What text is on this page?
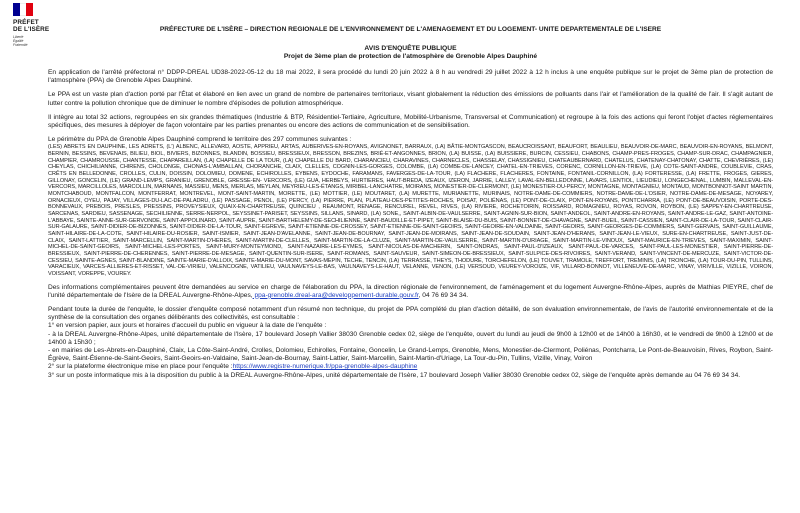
PRÉFET
DE L'ISÈRE
Liberté
Égalité
Fraternité
PRÉFECTURE DE L'ISÈRE – DIRECTION REGIONALE DE L'ENVIRONNEMENT DE L'AMENAGEMENT ET DU LOGEMENT- UNITE DEPARTEMENTALE DE L'ISERE
AVIS D'ENQUÊTE PUBLIQUE
Projet de 3ème plan de protection de l'atmosphère de Grenoble Alpes Dauphiné
En application de l'arrêté préfectoral n° DDPP-DREAL UD38-2022-05-12 du 18 mai 2022, il sera procédé du lundi 20 juin 2022 à 8 h au vendredi 29 juillet 2022 à 12 h inclus à une enquête publique sur le projet de 3ème plan de protection de l'atmosphère (PPA) de Grenoble Alpes Dauphiné.
Le PPA est un vaste plan d'action porté par l'État et élaboré en lien avec un grand de nombre de partenaires territoriaux, visant globalement la réduction des émissions de polluants dans l'air et l'amélioration de la qualité de l'air. Il s'agit autant de lutter contre la pollution chronique que de diminuer le nombre d'épisodes de pollution atmosphérique.
Il intègre au total 32 actions, regroupées en six grandes thématiques (Industrie & BTP, Résidentiel-Tertiaire, Agriculture, Mobilité-Urbanisme, Transversal et Communication) et regroupe à la fois des actions qui feront l'objet d'actes réglementaires spécifiques, des mesures à déployer de façon volontaire par les parties prenantes ou encore des actions de communication et de sensibilisation.
Le périmètre du PPA de Grenoble Alpes Dauphiné comprend le territoire des 297 communes suivantes :
(LES) ABRETS EN DAUPHINE, LES ADRETS, (L') ALBENC, ALLEVARD, AOSTE, APPRIEU, ARTAS, AUBERIVES-EN-ROYANS, AVIGNONET, BARRAUX, (LA) BÂTIE-MONTGASCON, BEAUCROISSANT, BEAUFORT, BEAULIEU, BEAUVOIR-DE-MARC, BEAUVOIR-EN-ROYANS, BELMONT, BERNIN, BESSINS, BEVENAIS, BILIEU, BIOL, BIVIERS, BIZONNES, BLANDIN, BOSSIEU, BRESSIEUX, BRESSON, BREZINS, BRIÉ-ET-ANGONNES, BRION, (LA) BUISSE, (LA) BUISSIERE, BURCIN, CESSIEU, CHABONS, CHAMP-PRES-FROGES, CHAMP-SUR-DRAC, CHAMPAGNIER, CHAMPIER, CHAMROUSSE, CHANTESSE, CHAPAREILLAN, (LA) CHAPELLE DE LA TOUR, (LA) CHAPELLE DU BARD, CHARANCIEU, CHARAVINES, CHARNECLES, CHASSELAY, CHASSIGNIEU, CHATEAUBERNARD, CHATELUS, CHATENAY-CHATONAY, CHATTE, CHEVRIÈRES, (LE) CHEYLAS, CHICHILIANNE, CHIRENS, CHOLONGE, CHONAS-L'AMBALLAN, CHORANCHE, CLAIX, CLELLES, COGNIN-LES-GORGES, COLOMBE, (LA) COMBE-DE-LANCEY, CHATEL-EN-TRIEVES, CORENC, CORNILLON-EN-TRIEVE, (LA) COTE-SAINT-ANDRE, COUBLEVIE, CRAS, CRÊTS EN BELLEDONNE, CROLLES, CULIN, DOISSIN, DOLOMIEU, DOMENE, ECHIROLLES, EYBENS, EYDOCHE, FARAMANS, FAVERGES-DE-LA-TOUR, (LA) FLACHERE, FLACHERES, FONTAINE, FONTANIL-CORNILLON, (LA) FORTERESSE, (LA) FRETTE, FROGES, GIERES, GILLONAY, GONCELIN, (LE) GRAND-LEMPS, GRANIEU, GRENOBLE, GRESSE-EN- VERCORS, (LE) GUA, HERBEYS, HURTIERES, HAUT-BREDA, IZEAUX, IZERON, JARRIE, LALLEY, LAVAL-EN-BELLEDONNE, LAVARS, LENTIOL, LIEUDIEU, LONGECHENAL, LUMBIN, MALLEVAL-EN-VERCORS, MARCILLOLES, MARCOLLIN, MARNANS, MASSIEU, MENS, MERLAS, MEYLAN, MEYRIEU-LES-ÉTANGS, MIRIBEL-LANCHATRE, MOIRANS, MONESTIER-DE-CLERMONT, (LE) MONESTIER-DU-PERCY, MONTAGNE, MONTAGNIEU, MONTAUD, MONTBONNOT-SAINT MARTIN, MONTCHABOUD, MONTFALCON, MONTFERRAT, MONTREVEL, MONT-SAINT-MARTIN, MORETTE, (LE) MOTTIER, (LE) MOUTARET, (LA) MURETTE, MURIANETTE, MURINAIS, NOTRE-DAME-DE-COMMIERS, NOTRE-DAME-DE-L'OSIER, NOTRE-DAME-DE-MESAGE, NOYAREY, ORNACIEUX, OYEU, PAJAY, VILLAGES-DU-LAC-DE-PALADRU, (LE) PASSAGE, PENOL, (LE) PERCY, (LA) PIERRE, PLAN, PLATEAU-DES-PETITES-ROCHES, POISAT, POLIÉNAS, (LE) PONT-DE-CLAIX, PONT-EN-ROYANS, PONTCHARRA, (LE) PONT-DE-BEAUVOISIN, PORTE-DES-BONNEVAUX, PREBOIS, PRESLES, PRESSINS, PROVEYSIEUX, QUAIX-EN-CHARTREUSE, QUINCIEU , REAUMONT, RENAGE, RENCUREL, REVEL, RIVES, (LA) RIVIERE, ROCHETOIRIN, ROISSARD, ROMAGNIEU, ROYAS, ROVON, ROYBON, (LE) SAPPEY-EN-CHARTREUSE, SARCENAS, SARDIEU, SASSENAGE, SECHILIENNE, SERRE-NERPOL, SEYSSINET-PARISET, SEYSSINS, SILLANS, SINARD, (LA) SONE,, SAINT-ALBIN-DE-VAULSERRE, SAINT-AGNIN-SUR-BION, SAINT-ANDEOL, SAINT-ANDRE-EN-ROYANS, SAINT-ANDRE-LE-GAZ, SAINT-ANTOINE-L'ABBAYE, SAINTE-ANNE-SUR-GERVONDE, SAINT-APPOLINARD, SAINT-AUPRE, SAINT-BARTHELEMY-DE-SECHILIENNE, SAINT-BAUDILLE-ET-PIPET, SAINT-BLAISE-DU-BUIS, SAINT-BONNET-DE-CHAVAGNE, SAINT-BUEIL, SAINT-CASSIEN, SAINT-CLAIR-DE-LA-TOUR, SAINT-CLAIR-SUR-GALAURE, SAINT-DIDIER-DE-BIZONNES, SAINT-DIDIER-DE-LA-TOUR, SAINT-EGREVE, SAINT-ETIENNE-DE-CROSSEY, SAINT-ETIENNE-DE-SAINT-GEOIRS, SAINT-GEOIRE-EN-VALDAINE, SAINT-GEOIRS, SAINT-GEORGES-DE-COMMIERS, SAINT-GERVAIS, SAINT-GUILLAUME, SAINT-HILAIRE-DE-LA-COTE, SAINT-HILAIRE-DU-ROSIER, SAINT-ISMIER, SAINT-JEAN-D'AVELANNE, SAINT-JEAN-DE-BOURNAY, SAINT-JEAN-DE-MOIRANS, SAINT-JEAN-DE-SOUDAIN, SAINT-JEAN-D'HERANS, SAINT-JEAN-LE-VIEUX, SURE-EN-CHARTREUSE, SAINT-JUST-DE-CLAIX, SAINT-LATTIER, SAINT-MARCELLIN, SAINT-MARTIN-D'HERES, SAINT-MARTIN-DE-CLELLES, SAINT-MARTIN-DE-LA-CLUZE, SAINT-MARTIN-DE-VAULSERRE, SAINT-MARTIN-D'URIAGE, SAINT-MARTIN-LE-VINOUX, SAINT-MAURICE-EN-TRIEVES, SAINT-MAXIMIN, SAINT-MICHEL-DE-SAINT-GEOIRS, SAINT-MICHEL-LES-PORTES, SAINT-MURY-MONTEYMOND, SAINT-NAZAIRE-LES-EYMES, SAINT-NICOLAS-DE-MACHERIN, SAINT-ONDRAS, SAINT-PAUL-D'IZEAUX, SAINT-PAUL-DE-VARCES, SAINT-PAUL-LES-MONESTIER, SAINT-PIERRE-DE-BRESSIEUX, SAINT-PIERRE-DE-CHERENNES, SAINT-PIERRE-DE-MESAGE, SAINT-QUENTIN-SUR-ISERE, SAINT-ROMANS, SAINT-SAUVEUR, SAINT-SIMEON-DE-BRESSIEUX, SAINT-SULPICE-DES-RIVOIRES, SAINT-VERAND, SAINT-VINCENT-DE-MERCUZE, SAINT-VICTOR-DE-CESSIEU, SAINTE-AGNES, SAINT-BLANDINE, SAINTE-MARIE-D'ALLOIX, SAINTE-MARIE-DU-MONT, SAVAS-MEPIN, TECHE, TENCIN, (LA) TERRASSE, THEYS, THODURE, TORCHEFELON, (LE) TOUVET, TRAMOLE, TREFFORT, TREMINIS, (LA) TRONCHE, (LA) TOUR-DU-PIN, TULLINS, VARACIEUX, VARCES-ALLIERES-ET-RISSET, VAL-DE-VIRIEU, VALENCOGNE, VATILIEU, VAULNAVEYS-LE-BAS, VAULNAVEYS-LE-HAUT, VELANNE, VENON, (LE) VERSOUD, VEUREY-VOROIZE, VIF, VILLARD-BONNOT, VILLENEUVE-DE-MARC, VINAY, VIRIVILLE, VIZILLE, VOIRON, VOISSANT, VOREPPE, VOUREY.
Des informations complémentaires peuvent être demandées au service en charge de l'élaboration du PPA, la direction régionale de l'environnement, de l'aménagement et du logement Auvergne-Rhône-Alpes, auprès de Mathias PIEYRE, chef de l'unité départementale de l'Isère de la DREAL Auvergne-Rhône-Alpes, ppa-grenoble.dreal-ara@developpement-durable.gouv.fr, 04 76 69 34 34.
Pendant toute la durée de l'enquête, le dossier d'enquête composé notamment d'un résumé non technique, du projet de PPA complété du plan d'action détaillé, de son évaluation environnementale, de l'avis de l'autorité environnementale et de la synthèse de la consultation des organes délibérants des collectivités, est consultable :
1° en version papier, aux jours et horaires d'accueil du public en vigueur à la date de l'enquête :
- à la DREAL Auvergne-Rhône-Alpes, unité départementale de l'Isère, 17 boulevard Joseph Vallier 38030 Grenoble cedex 02, siège de l'enquête, ouvert du lundi au jeudi de 9h00 à 12h00 et de 14h00 à 16h30, et le vendredi de 9h00 à 12h00 et de 14h00 à 15h30 ;
- en mairies de Les-Abrets-en-Dauphiné, Claix, La Côte-Saint-André, Crolles, Dolomieu, Echirolles, Fontaine, Goncelin, Le Grand-Lemps, Grenoble, Mens, Monestier-de-Clermont, Poliénas, Pontcharra, Le Pont-de-Beauvoisin, Rives, Roybon, Saint-Égrève, Saint-Étienne-de-Saint-Geoirs, Saint-Geoirs-en-Valdaine, Saint-Jean-de-Bournay, Saint-Lattier, Saint-Marcellin, Saint-Martin-d'Uriage, La Tour-du-Pin, Tullins, Vizille, Vinay, Voiron
2° sur la plateforme électronique mise en place pour l'enquête :https://www.registre-numerique.fr/ppa-grenoble-alpes-dauphine
3° sur un poste informatique mis à la disposition du public à la DREAL Auvergne-Rhône-Alpes, unité départementale de l'Isère, 17 boulevard Joseph Vallier 38030 Grenoble cedex 02, siège de l'enquête après demande au 04 76 69 34 34.
